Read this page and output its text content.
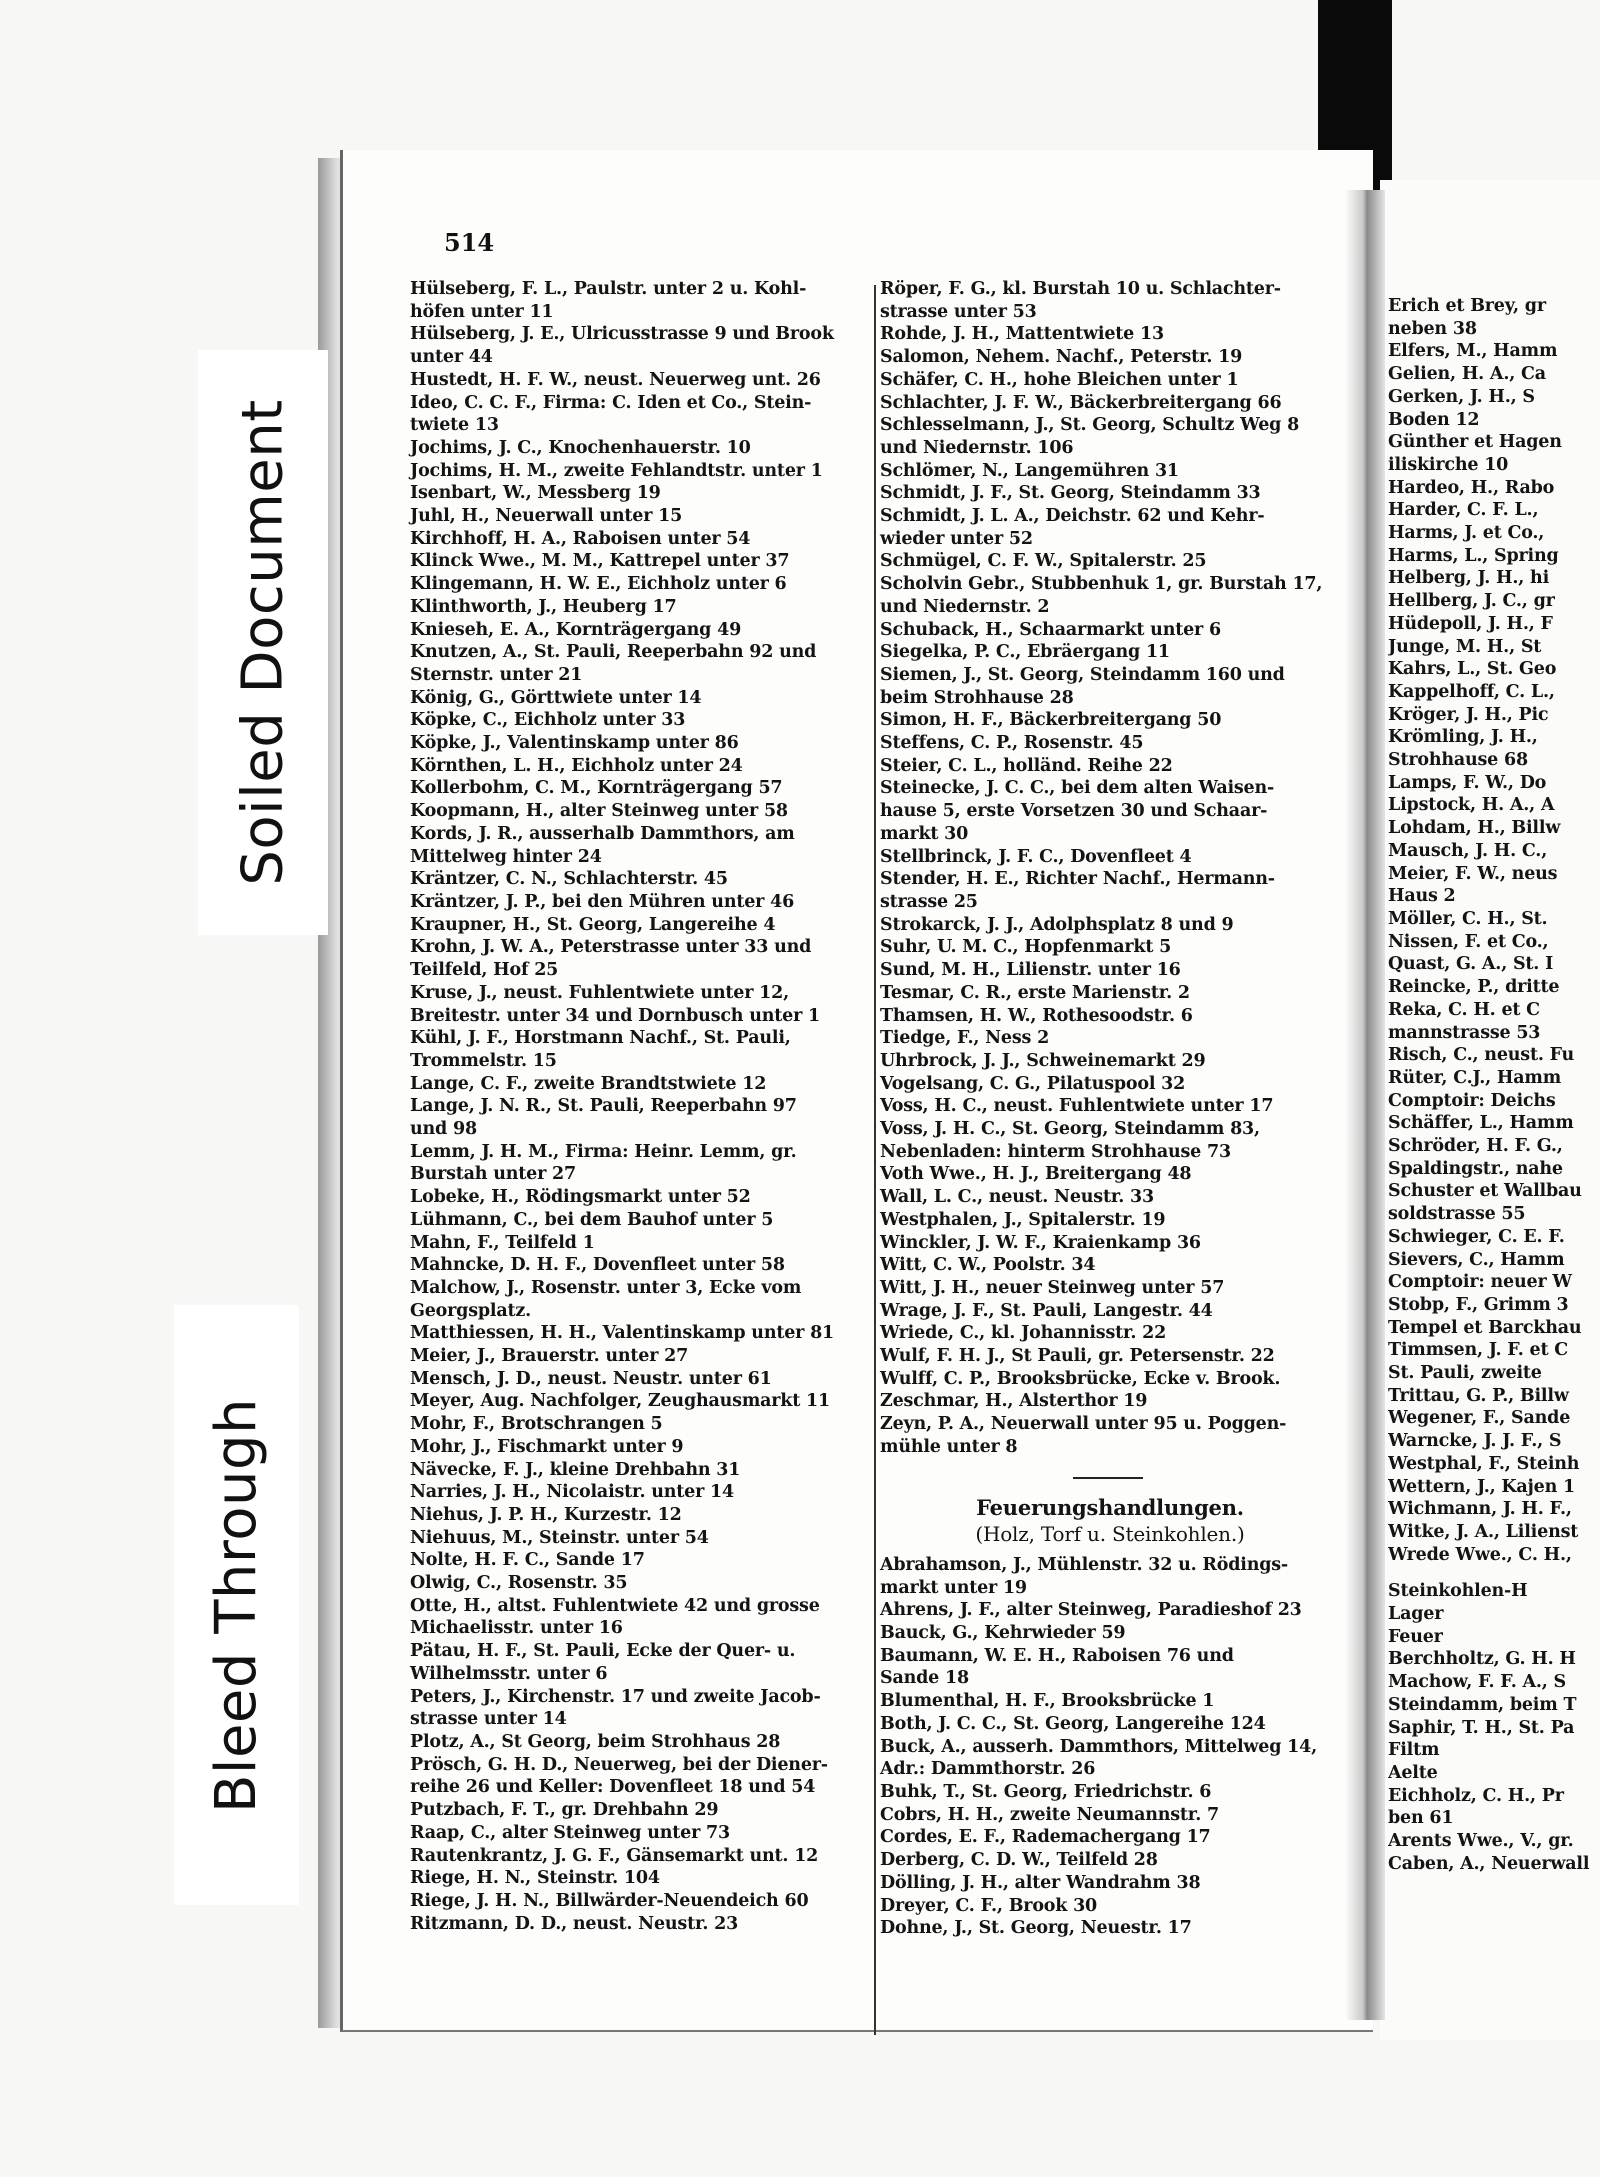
Soiled Document
Bleed Through
514
Hülseberg, F. L., Paulstr. unter 2 u. Kohl-
höfen unter 11
Hülseberg, J. E., Ulricusstrasse 9 und Brook
unter 44
Hustedt, H. F. W., neust. Neuerweg unt. 26
Ideo, C. C. F., Firma: C. Iden et Co., Stein-
twiete 13
Jochims, J. C., Knochenhauerstr. 10
Jochims, H. M., zweite Fehlandtstr. unter 1
Isenbart, W., Messberg 19
Juhl, H., Neuerwall unter 15
Kirchhoff, H. A., Raboisen unter 54
Klinck Wwe., M. M., Kattrepel unter 37
Klingemann, H. W. E., Eichholz unter 6
Klinthworth, J., Heuberg 17
Knieseh, E. A., Kornträgergang 49
Knutzen, A., St. Pauli, Reeperbahn 92 und
Sternstr. unter 21
König, G., Görttwiete unter 14
Köpke, C., Eichholz unter 33
Köpke, J., Valentinskamp unter 86
Körnthen, L. H., Eichholz unter 24
Kollerbohm, C. M., Kornträgergang 57
Koopmann, H., alter Steinweg unter 58
Kords, J. R., ausserhalb Dammthors, am
Mittelweg hinter 24
Kräntzer, C. N., Schlachterstr. 45
Kräntzer, J. P., bei den Mühren unter 46
Kraupner, H., St. Georg, Langereihe 4
Krohn, J. W. A., Peterstrasse unter 33 und
Teilfeld, Hof 25
Kruse, J., neust. Fuhlentwiete unter 12,
Breitestr. unter 34 und Dornbusch unter 1
Kühl, J. F., Horstmann Nachf., St. Pauli,
Trommelstr. 15
Lange, C. F., zweite Brandtstwiete 12
Lange, J. N. R., St. Pauli, Reeperbahn 97
und 98
Lemm, J. H. M., Firma: Heinr. Lemm, gr.
Burstah unter 27
Lobeke, H., Rödingsmarkt unter 52
Lühmann, C., bei dem Bauhof unter 5
Mahn, F., Teilfeld 1
Mahncke, D. H. F., Dovenfleet unter 58
Malchow, J., Rosenstr. unter 3, Ecke vom
Georgsplatz.
Matthiessen, H. H., Valentinskamp unter 81
Meier, J., Brauerstr. unter 27
Mensch, J. D., neust. Neustr. unter 61
Meyer, Aug. Nachfolger, Zeughausmarkt 11
Mohr, F., Brotschrangen 5
Mohr, J., Fischmarkt unter 9
Nävecke, F. J., kleine Drehbahn 31
Narries, J. H., Nicolaistr. unter 14
Niehus, J. P. H., Kurzestr. 12
Niehuus, M., Steinstr. unter 54
Nolte, H. F. C., Sande 17
Olwig, C., Rosenstr. 35
Otte, H., altst. Fuhlentwiete 42 und grosse
Michaelisstr. unter 16
Pätau, H. F., St. Pauli, Ecke der Quer- u.
Wilhelmsstr. unter 6
Peters, J., Kirchenstr. 17 und zweite Jacob-
strasse unter 14
Plotz, A., St Georg, beim Strohhaus 28
Prösch, G. H. D., Neuerweg, bei der Diener-
reihe 26 und Keller: Dovenfleet 18 und 54
Putzbach, F. T., gr. Drehbahn 29
Raap, C., alter Steinweg unter 73
Rautenkrantz, J. G. F., Gänsemarkt unt. 12
Riege, H. N., Steinstr. 104
Riege, J. H. N., Billwärder-Neuendeich 60
Ritzmann, D. D., neust. Neustr. 23
Röper, F. G., kl. Burstah 10 u. Schlachter-
strasse unter 53
Rohde, J. H., Mattentwiete 13
Salomon, Nehem. Nachf., Peterstr. 19
Schäfer, C. H., hohe Bleichen unter 1
Schlachter, J. F. W., Bäckerbreitergang 66
Schlesselmann, J., St. Georg, Schultz Weg 8
und Niedernstr. 106
Schlömer, N., Langemühren 31
Schmidt, J. F., St. Georg, Steindamm 33
Schmidt, J. L. A., Deichstr. 62 und Kehr-
wieder unter 52
Schmügel, C. F. W., Spitalerstr. 25
Scholvin Gebr., Stubbenhuk 1, gr. Burstah 17,
und Niedernstr. 2
Schuback, H., Schaarmarkt unter 6
Siegelka, P. C., Ebräergang 11
Siemen, J., St. Georg, Steindamm 160 und
beim Strohhause 28
Simon, H. F., Bäckerbreitergang 50
Steffens, C. P., Rosenstr. 45
Steier, C. L., holländ. Reihe 22
Steinecke, J. C. C., bei dem alten Waisen-
hause 5, erste Vorsetzen 30 und Schaar-
markt 30
Stellbrinck, J. F. C., Dovenfleet 4
Stender, H. E., Richter Nachf., Hermann-
strasse 25
Strokarck, J. J., Adolphsplatz 8 und 9
Suhr, U. M. C., Hopfenmarkt 5
Sund, M. H., Lilienstr. unter 16
Tesmar, C. R., erste Marienstr. 2
Thamsen, H. W., Rothesoodstr. 6
Tiedge, F., Ness 2
Uhrbrock, J. J., Schweinemarkt 29
Vogelsang, C. G., Pilatuspool 32
Voss, H. C., neust. Fuhlentwiete unter 17
Voss, J. H. C., St. Georg, Steindamm 83,
Nebenladen: hinterm Strohhause 73
Voth Wwe., H. J., Breitergang 48
Wall, L. C., neust. Neustr. 33
Westphalen, J., Spitalerstr. 19
Winckler, J. W. F., Kraienkamp 36
Witt, C. W., Poolstr. 34
Witt, J. H., neuer Steinweg unter 57
Wrage, J. F., St. Pauli, Langestr. 44
Wriede, C., kl. Johannisstr. 22
Wulf, F. H. J., St Pauli, gr. Petersenstr. 22
Wulff, C. P., Brooksbrücke, Ecke v. Brook.
Zeschmar, H., Alsterthor 19
Zeyn, P. A., Neuerwall unter 95 u. Poggen-
mühle unter 8
Feuerungshandlungen.
(Holz, Torf u. Steinkohlen.)
Abrahamson, J., Mühlenstr. 32 u. Rödings-
markt unter 19
Ahrens, J. F., alter Steinweg, Paradieshof 23
Bauck, G., Kehrwieder 59
Baumann, W. E. H., Raboisen 76 und
Sande 18
Blumenthal, H. F., Brooksbrücke 1
Both, J. C. C., St. Georg, Langereihe 124
Buck, A., ausserh. Dammthors, Mittelweg 14,
Adr.: Dammthorstr. 26
Buhk, T., St. Georg, Friedrichstr. 6
Cobrs, H. H., zweite Neumannstr. 7
Cordes, E. F., Rademachergang 17
Derberg, C. D. W., Teilfeld 28
Dölling, J. H., alter Wandrahm 38
Dreyer, C. F., Brook 30
Dohne, J., St. Georg, Neuestr. 17
Erich et Brey, gr
neben 38
Elfers, M., Hamm
Gelien, H. A., Ca
Gerken, J. H., S
Boden 12
Günther et Hagen
iliskirche 10
Hardeo, H., Rabo
Harder, C. F. L.,
Harms, J. et Co.,
Harms, L., Spring
Helberg, J. H., hi
Hellberg, J. C., gr
Hüdepoll, J. H., F
Junge, M. H., St
Kahrs, L., St. Geo
Kappelhoff, C. L.,
Kröger, J. H., Pic
Krömling, J. H.,
Strohhause 68
Lamps, F. W., Do
Lipstock, H. A., A
Lohdam, H., Billw
Mausch, J. H. C.,
Meier, F. W., neus
Haus 2
Möller, C. H., St.
Nissen, F. et Co.,
Quast, G. A., St. I
Reincke, P., dritte
Reka, C. H. et C
mannstrasse 53
Risch, C., neust. Fu
Rüter, C.J., Hamm
Comptoir: Deichs
Schäffer, L., Hamm
Schröder, H. F. G.,
Spaldingstr., nahe
Schuster et Wallbau
soldstrasse 55
Schwieger, C. E. F.
Sievers, C., Hamm
Comptoir: neuer W
Stobp, F., Grimm 3
Tempel et Barckhau
Timmsen, J. F. et C
St. Pauli, zweite
Trittau, G. P., Billw
Wegener, F., Sande
Warncke, J. J. F., S
Westphal, F., Steinh
Wettern, J., Kajen 1
Wichmann, J. H. F.,
Witke, J. A., Lilienst
Wrede Wwe., C. H.,
Steinkohlen-H
Lager
Feuer
Berchholtz, G. H. H
Machow, F. F. A., S
Steindamm, beim T
Saphir, T. H., St. Pa
Filtm
Aelte
Eichholz, C. H., Pr
ben 61
Arents Wwe., V., gr.
Caben, A., Neuerwall
